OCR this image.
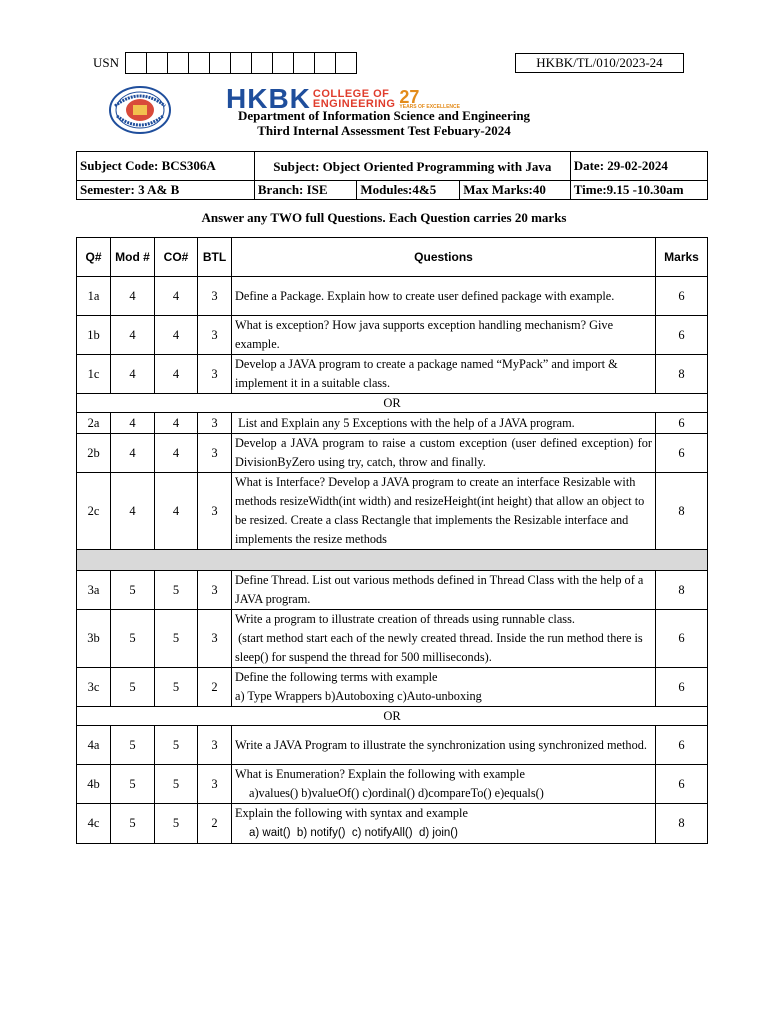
USN	HKBK/TL/010/2023-24
HKBK COLLEGE OF
ENGINEERING 27
YEARS OF EXCELLENCE
Department of Information Science and Engineering
Third Internal Assessment Test Febuary-2024
Subject Code: BCS306A	Subject: Object Oriented Programming with Java			Date: 29-02-2024
Semester: 3 A& B	Branch: ISE	Modules:4&5	Max Marks:40	Time:9.15 -10.30am
Answer any TWO full Questions. Each Question carries 20 marks
Q#	Mod #	CO#	BTL	Questions	Marks
1a	4	4	3	Define a Package. Explain how to create user defined package with example.	6
1b	4	4	3	What is exception? How java supports exception handling mechanism? Give example.	6
1c	4	4	3	Develop a JAVA program to create a package named “MyPack” and import & implement it in a suitable class.	8
OR					
2a	4	4	3	List and Explain any 5 Exceptions with the help of a JAVA program.	6
2b	4	4	3	Develop a JAVA program to raise a custom exception (user defined exception) for DivisionByZero using try, catch, throw and finally.	6
2c	4	4	3	What is Interface? Develop a JAVA program to create an interface Resizable with methods resizeWidth(int width) and resizeHeight(int height) that allow an object to be resized. Create a class Rectangle that implements the Resizable interface and implements the resize methods	8

3a	5	5	3	Define Thread. List out various methods defined in Thread Class with the help of a JAVA program.	8
3b	5	5	3	Write a program to illustrate creation of threads using runnable class.
(start method start each of the newly created thread. Inside the run method there is sleep() for suspend the thread for 500 milliseconds).	6
3c	5	5	2	Define the following terms with example
a) Type Wrappers b)Autoboxing c)Auto-unboxing	6
OR					
4a	5	5	3	Write a JAVA Program to illustrate the synchronization using synchronized method.	6
4b	5	5	3	What is Enumeration? Explain the following with example
a)values() b)valueOf() c)ordinal() d)compareTo() e)equals()	6
4c	5	5	2	Explain the following with syntax and example
a) wait()  b) notify()  c) notifyAll()  d) join()	8
